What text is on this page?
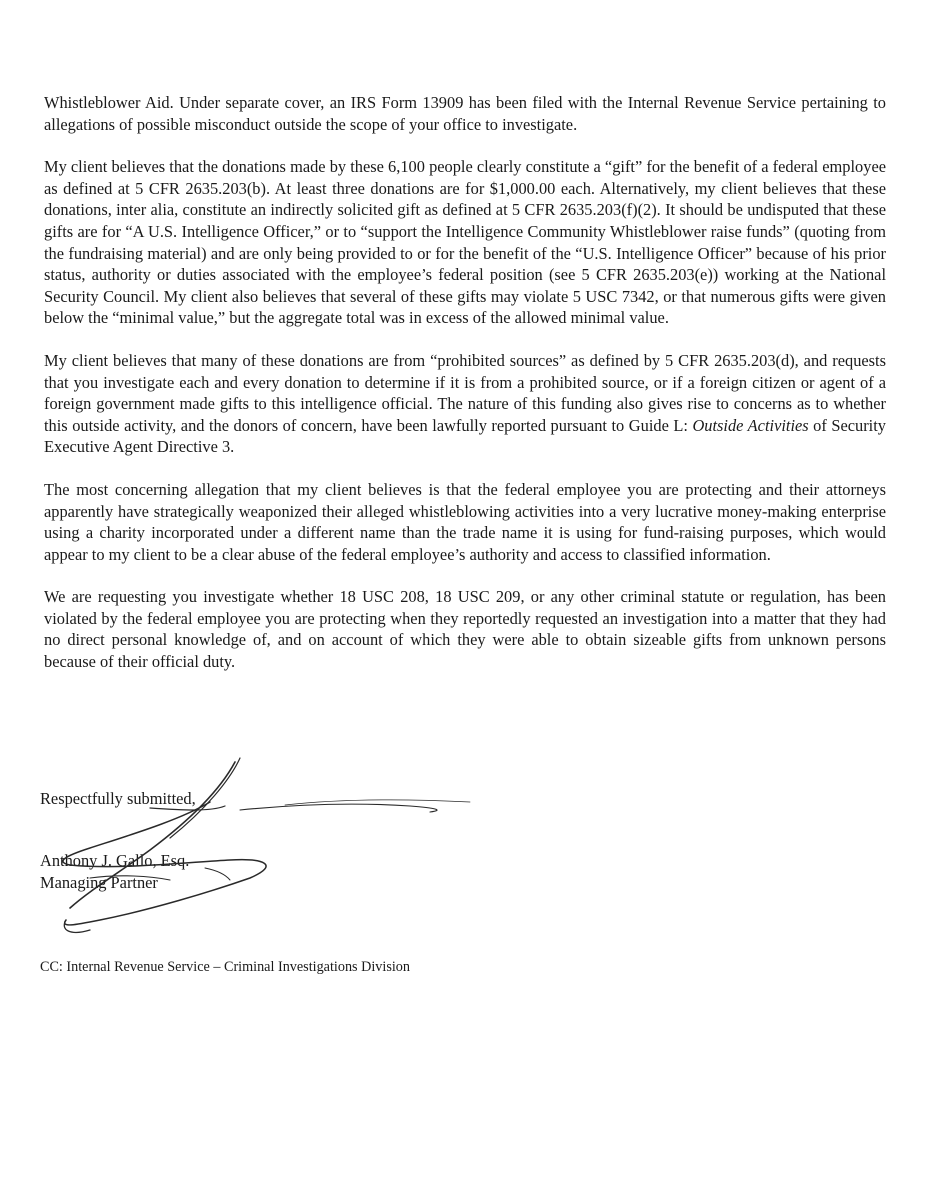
Whistleblower Aid. Under separate cover, an IRS Form 13909 has been filed with the Internal Revenue Service pertaining to allegations of possible misconduct outside the scope of your office to investigate.

My client believes that the donations made by these 6,100 people clearly constitute a “gift” for the benefit of a federal employee as defined at 5 CFR 2635.203(b). At least three donations are for $1,000.00 each. Alternatively, my client believes that these donations, inter alia, constitute an indirectly solicited gift as defined at 5 CFR 2635.203(f)(2). It should be undisputed that these gifts are for “A U.S. Intelligence Officer,” or to “support the Intelligence Community Whistleblower raise funds” (quoting from the fundraising material) and are only being provided to or for the benefit of the “U.S. Intelligence Officer” because of his prior status, authority or duties associated with the employee’s federal position (see 5 CFR 2635.203(e)) working at the National Security Council. My client also believes that several of these gifts may violate 5 USC 7342, or that numerous gifts were given below the “minimal value,” but the aggregate total was in excess of the allowed minimal value.

My client believes that many of these donations are from “prohibited sources” as defined by 5 CFR 2635.203(d), and requests that you investigate each and every donation to determine if it is from a prohibited source, or if a foreign citizen or agent of a foreign government made gifts to this intelligence official. The nature of this funding also gives rise to concerns as to whether this outside activity, and the donors of concern, have been lawfully reported pursuant to Guide L: Outside Activities of Security Executive Agent Directive 3.

The most concerning allegation that my client believes is that the federal employee you are protecting and their attorneys apparently have strategically weaponized their alleged whistleblowing activities into a very lucrative money-making enterprise using a charity incorporated under a different name than the trade name it is using for fund-raising purposes, which would appear to my client to be a clear abuse of the federal employee’s authority and access to classified information.

We are requesting you investigate whether 18 USC 208, 18 USC 209, or any other criminal statute or regulation, has been violated by the federal employee you are protecting when they reportedly requested an investigation into a matter that they had no direct personal knowledge of, and on account of which they were able to obtain sizeable gifts from unknown persons because of their official duty.

Respectfully submitted,
Anthony J. Gallo, Esq.
Managing Partner
CC: Internal Revenue Service – Criminal Investigations Division
